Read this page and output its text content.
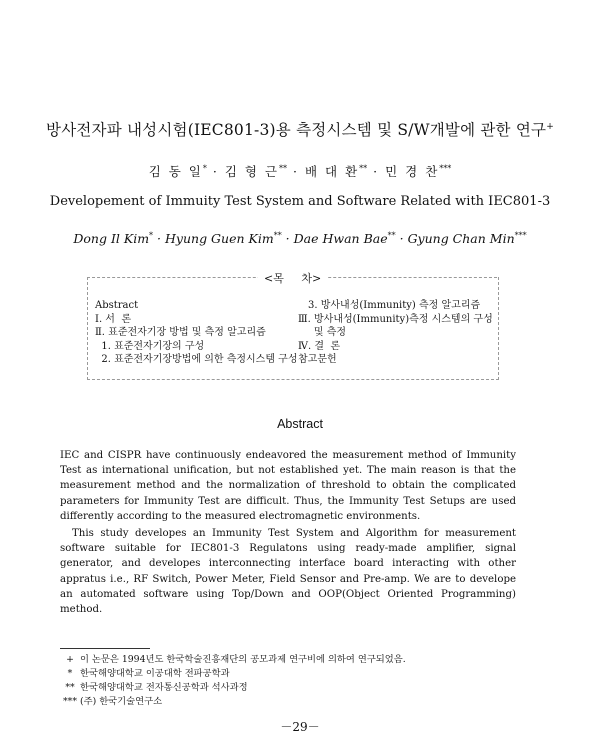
방사전자파 내성시험(IEC801-3)용 측정시스템 및 S/W개발에 관한 연구+
김 동 일* · 김 형 근** · 배 대 환** · 민 경 찬***
Developement of Immuity Test System and Software Related with IEC801-3
Dong Il Kim* · Hyung Guen Kim** · Dae Hwan Bae** · Gyung Chan Min***
<목     차>
Abstract
Ⅰ. 서  론
Ⅱ. 표준전자기장 방법 및 측정 알고리즘
1. 표준전자기장의 구성
2. 표준전자기장방법에 의한 측정시스템 구성
3. 방사내성(Immunity) 측정 알고리즘
Ⅲ. 방사내성(Immunity)측정 시스템의 구성
및 측정
Ⅳ. 결  론
참고문헌
Abstract

IEC and CISPR have continuously endeavored the measurement method of Immunity Test as international unification, but not established yet. The main reason is that the measurement method and the normalization of threshold to obtain the complicated parameters for Immunity Test are difficult. Thus, the Immunity Test Setups are used differently according to the measured electromagnetic environments.

This study developes an Immunity Test System and Algorithm for measurement software suitable for IEC801-3 Regulatons using ready-made amplifier, signal generator, and developes interconnecting interface board interacting with other appratus i.e., RF Switch, Power Meter, Field Sensor and Pre-amp. We are to develope an automated software using Top/Down and OOP(Object Oriented Programming) method.

+ 이 논문은 1994년도 한국학술진흥재단의 공모과제 연구비에 의하여 연구되었음.
* 한국해양대학교 이공대학 전파공학과
** 한국해양대학교 전자통신공학과 석사과정
*** (주) 한국기술연구소
－29－
